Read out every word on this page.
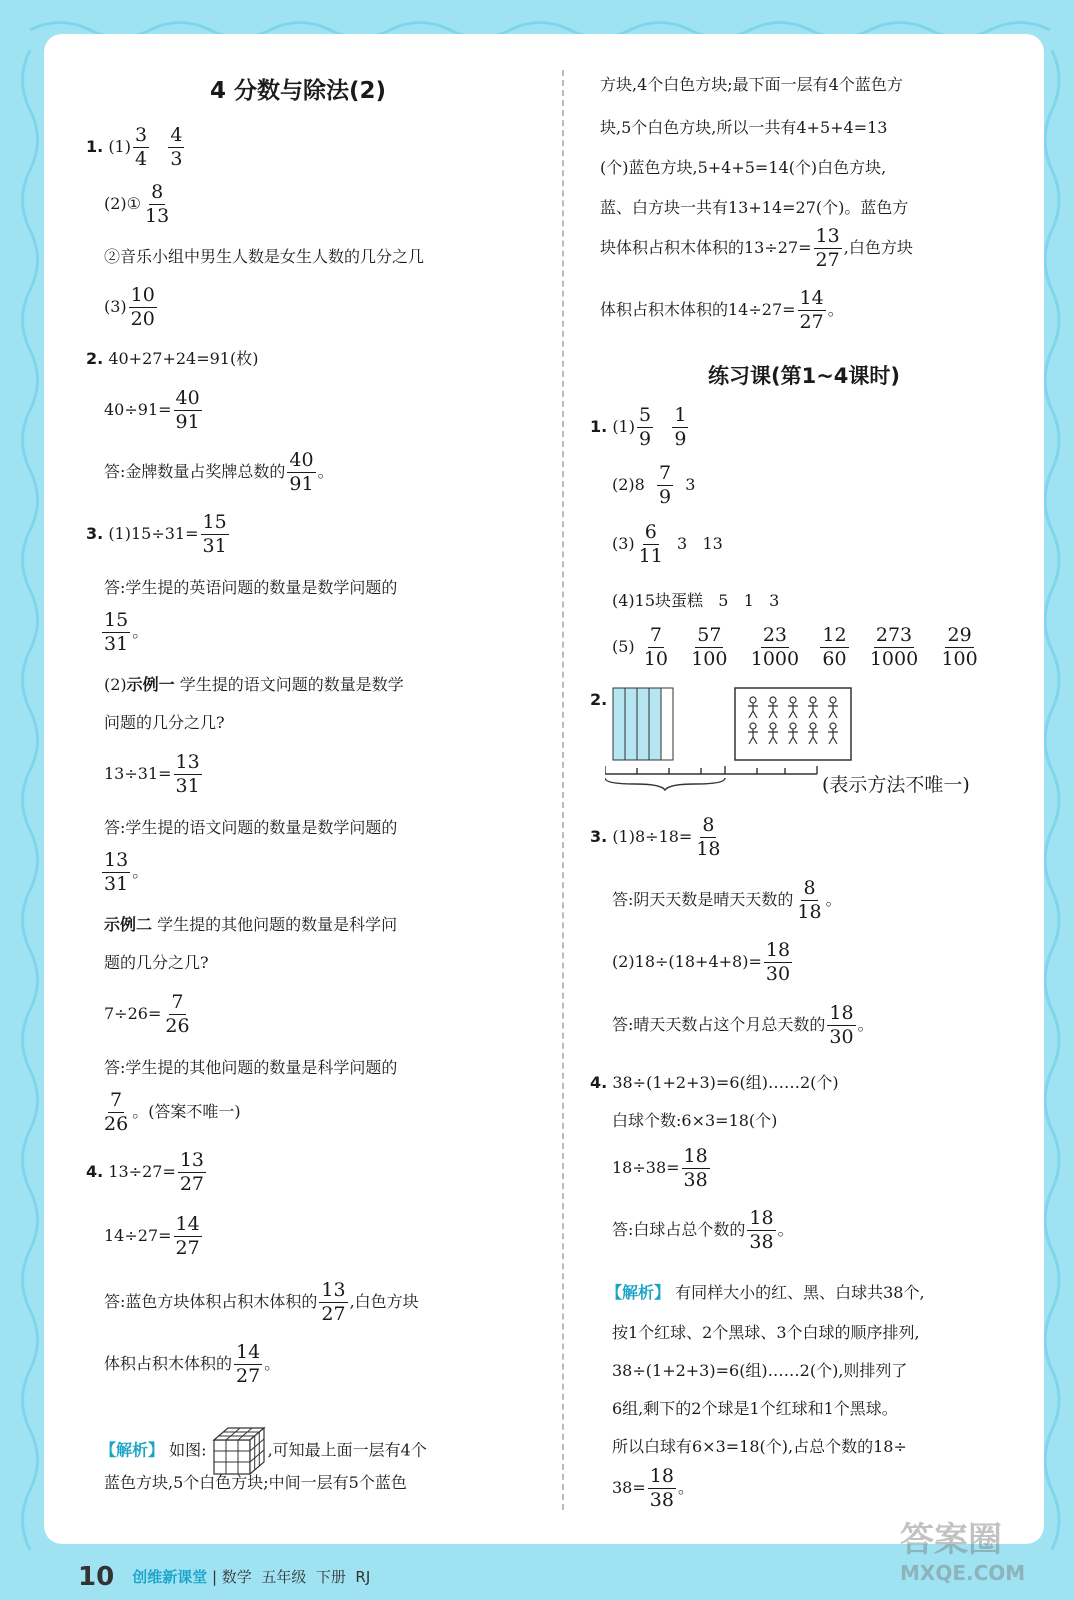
4 分数与除法(2)
1. $(1) \frac{3}{4}$
$\frac{4}{3}$
(2)① $\frac{8}{13}$
②音乐小组中男生人数是女生人数的几分之几
$(3) \frac{10}{20}$
2. 40+27+24=91(枚)
$40\div 91= \frac{40}{91}$
答:金牌数量占奖牌总数的 $\frac{40}{91}$ 。
3. $(1)15\div 31= \frac{15}{31}$
答:学生提的英语问题的数量是数学问题的
$\frac{15}{31}$ 。
(2)示例一 学生提的语文问题的数量是数学
问题的几分之几?
$13\div 31= \frac{13}{31}$
答:学生提的语文问题的数量是数学问题的
$\frac{13}{31}$ 。
示例二 学生提的其他问题的数量是科学问
题的几分之几?
$7\div 26= \frac{7}{26}$
答:学生提的其他问题的数量是科学问题的
$\frac{7}{26}$ 。(答案不唯一)
4. $13\div 27= \frac{13}{27}$
$14\div 27= \frac{14}{27}$
答:蓝色方块体积占积木体积的 $\frac{13}{27}$ ,白色方块
体积占积木体积的 $\frac{14}{27}$ 。
【解析】 如图:	,可知最上面一层有4个
蓝色方块,5个白色方块;中间一层有5个蓝色
方块,4个白色方块;最下面一层有4个蓝色方
块,5个白色方块,所以一共有4+5+4=13
(个)蓝色方块,5+4+5=14(个)白色方块,
蓝、白方块一共有13+14=27(个)。蓝色方
块体积占积木体积的$13\div 27= \frac{13}{27}$ ,白色方块
体积占积木体积的$14\div 27= \frac{14}{27}$ 。
练习课(第1~4课时)
1. $(1) \frac{5}{9}$
$\frac{1}{9}$
$(2)8 \frac{7}{9} 3$
$(3) \frac{6}{11} 3$   13
(4)15块蛋糕   5   1   3
$(5) \frac{7}{10}$
$\frac{57}{100}$
$\frac{23}{1000}$
$\frac{12}{60}$
$\frac{273}{1000}$
$\frac{29}{100}$
2.
(表示方法不唯一)
3. $(1)8\div 18= \frac{8}{18}$
答:阴天天数是晴天天数的 $\frac{8}{18}$ 。
$(2)18\div(18+4+8)= \frac{18}{30}$
答:晴天天数占这个月总天数的 $\frac{18}{30}$ 。
4. 38÷(1+2+3)=6(组)……2(个)
白球个数:6×3=18(个)
$18\div 38= \frac{18}{38}$
答:白球占总个数的 $\frac{18}{38}$ 。
【解析】 有同样大小的红、黑、白球共38个,
按1个红球、2个黑球、3个白球的顺序排列,
38÷(1+2+3)=6(组)……2(个),则排列了
6组,剩下的2个球是1个红球和1个黑球。
所以白球有6×3=18(个),占总个数的18÷
$38= \frac{18}{38}$ 。
10 创维新课堂 | 数学  五年级  下册  RJ
答案圈
MXQE.COM
